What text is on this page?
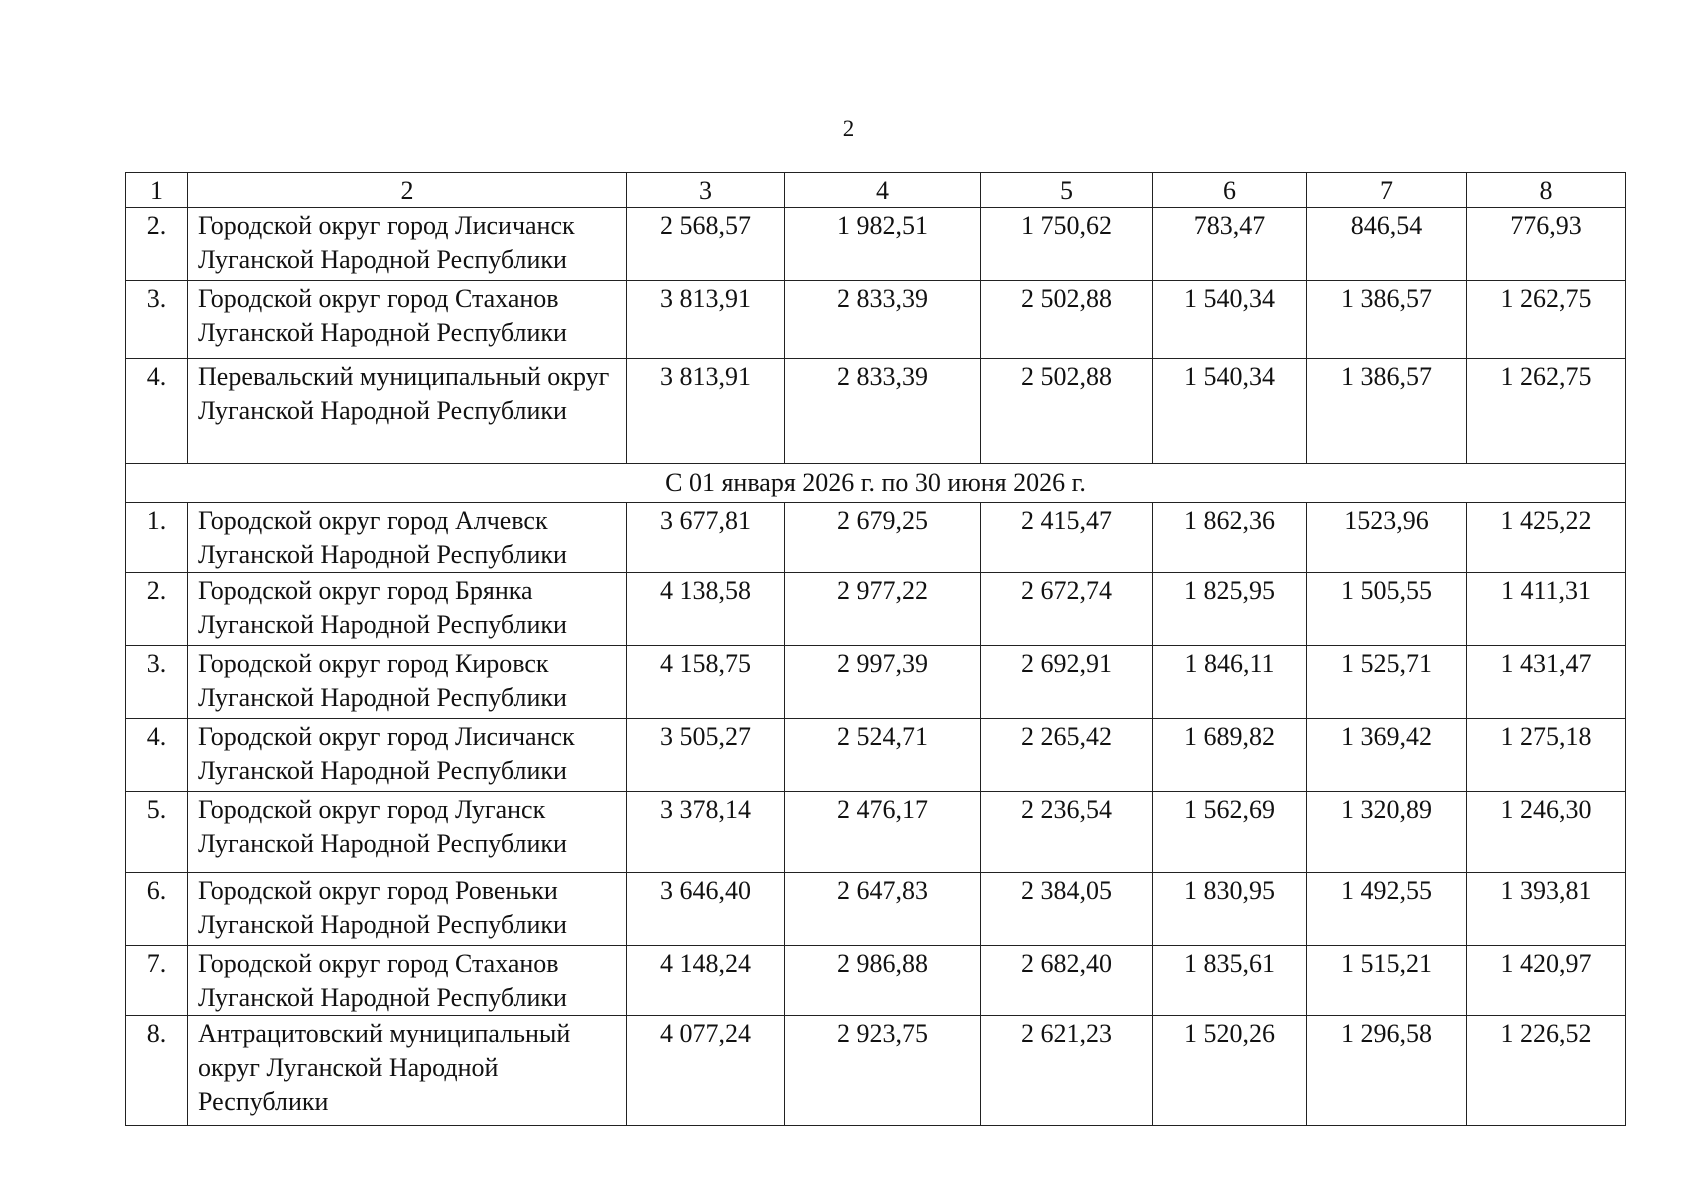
2
1	2	3	4	5	6	7	8
2.	Городской округ город Лисичанск Луганской Народной Республики	2 568,57	1 982,51	1 750,62	783,47	846,54	776,93
3.	Городской округ город Стаханов Луганской Народной Республики	3 813,91	2 833,39	2 502,88	1 540,34	1 386,57	1 262,75
4.	Перевальский муниципальный округ Луганской Народной Республики	3 813,91	2 833,39	2 502,88	1 540,34	1 386,57	1 262,75
С 01 января 2026 г. по 30 июня 2026 г.							
1.	Городской округ город Алчевск Луганской Народной Республики	3 677,81	2 679,25	2 415,47	1 862,36	1523,96	1 425,22
2.	Городской округ город Брянка Луганской Народной Республики	4 138,58	2 977,22	2 672,74	1 825,95	1 505,55	1 411,31
3.	Городской округ город Кировск Луганской Народной Республики	4 158,75	2 997,39	2 692,91	1 846,11	1 525,71	1 431,47
4.	Городской округ город Лисичанск Луганской Народной Республики	3 505,27	2 524,71	2 265,42	1 689,82	1 369,42	1 275,18
5.	Городской округ город Луганск Луганской Народной Республики	3 378,14	2 476,17	2 236,54	1 562,69	1 320,89	1 246,30
6.	Городской округ город Ровеньки Луганской Народной Республики	3 646,40	2 647,83	2 384,05	1 830,95	1 492,55	1 393,81
7.	Городской округ город Стаханов Луганской Народной Республики	4 148,24	2 986,88	2 682,40	1 835,61	1 515,21	1 420,97
8.	Антрацитовский муниципальный округ Луганской Народной Республики	4 077,24	2 923,75	2 621,23	1 520,26	1 296,58	1 226,52
